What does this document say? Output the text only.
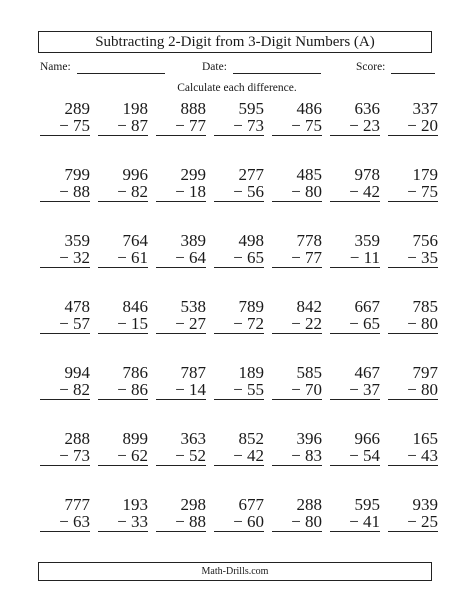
Subtracting 2-Digit from 3-Digit Numbers (A)
Name:	Date:	Score:
Calculate each difference.
289
− 75
198
− 87
888
− 77
595
− 73
486
− 75
636
− 23
337
− 20
799
− 88
996
− 82
299
− 18
277
− 56
485
− 80
978
− 42
179
− 75
359
− 32
764
− 61
389
− 64
498
− 65
778
− 77
359
− 11
756
− 35
478
− 57
846
− 15
538
− 27
789
− 72
842
− 22
667
− 65
785
− 80
994
− 82
786
− 86
787
− 14
189
− 55
585
− 70
467
− 37
797
− 80
288
− 73
899
− 62
363
− 52
852
− 42
396
− 83
966
− 54
165
− 43
777
− 63
193
− 33
298
− 88
677
− 60
288
− 80
595
− 41
939
− 25
Math-Drills.com
